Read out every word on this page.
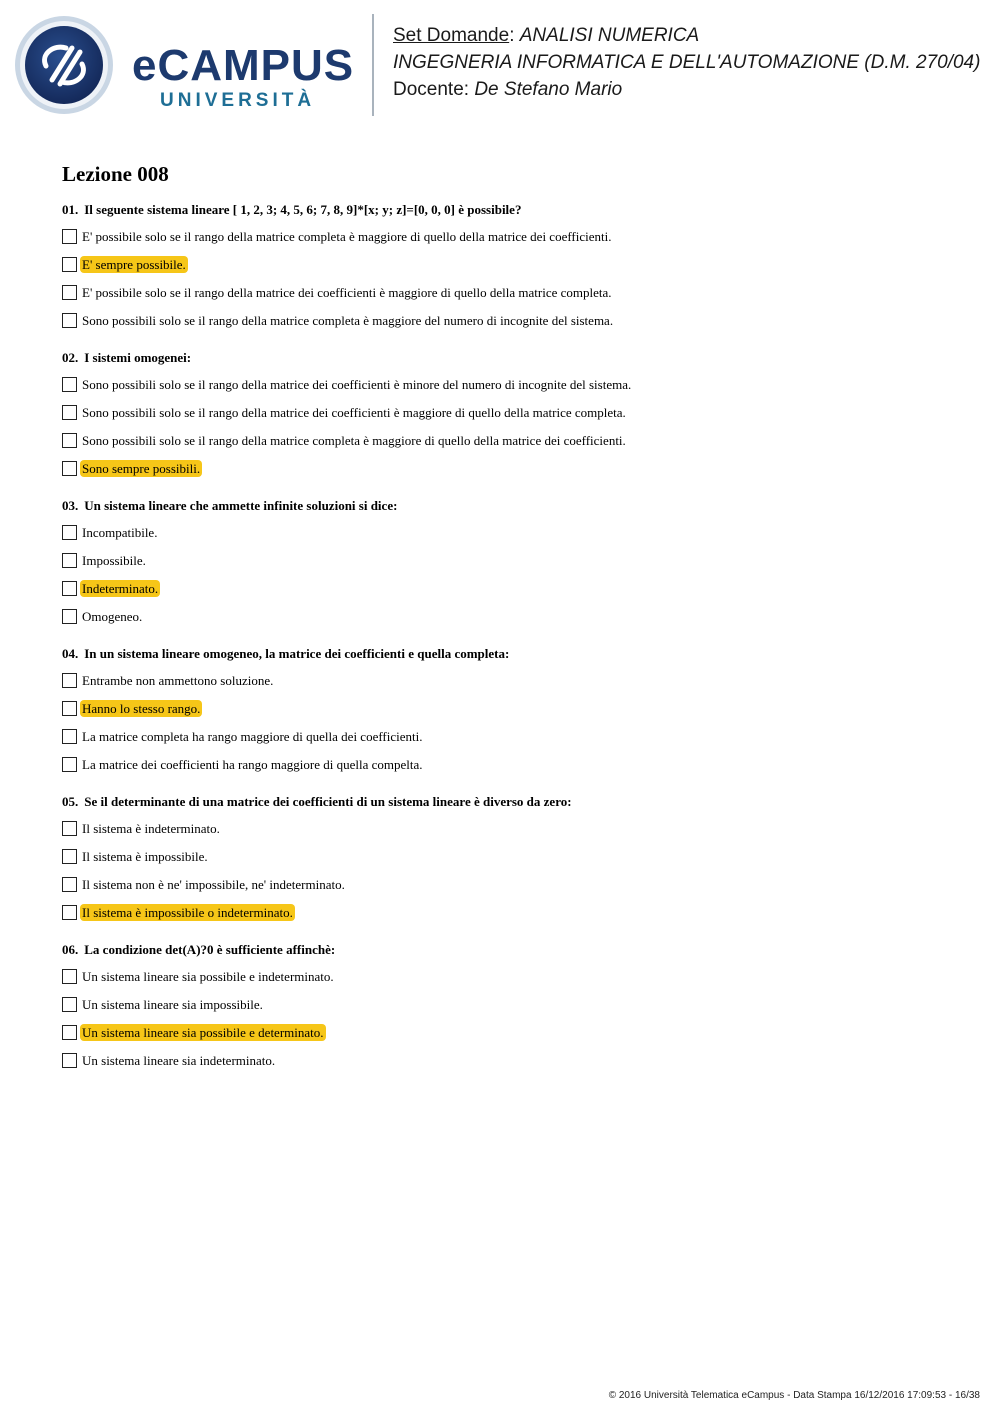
eCAMPUS
UNIVERSITÀ
Set Domande: ANALISI NUMERICA
INGEGNERIA INFORMATICA E DELL'AUTOMAZIONE (D.M. 270/04)
Docente: De Stefano Mario
Lezione 008
01. Il seguente sistema lineare [ 1, 2, 3; 4, 5, 6; 7, 8, 9]*[x; y; z]=[0, 0, 0] è possibile?
E' possibile solo se il rango della matrice completa è maggiore di quello della matrice dei coefficienti.
E' sempre possibile.
E' possibile solo se il rango della matrice dei coefficienti è maggiore di quello della matrice completa.
Sono possibili solo se il rango della matrice completa è maggiore del numero di incognite del sistema.
02. I sistemi omogenei:
Sono possibili solo se il rango della matrice dei coefficienti è minore del numero di incognite del sistema.
Sono possibili solo se il rango della matrice dei coefficienti è maggiore di quello della matrice completa.
Sono possibili solo se il rango della matrice completa è maggiore di quello della matrice dei coefficienti.
Sono sempre possibili.
03. Un sistema lineare che ammette infinite soluzioni si dice:
Incompatibile.
Impossibile.
Indeterminato.
Omogeneo.
04. In un sistema lineare omogeneo, la matrice dei coefficienti e quella completa:
Entrambe non ammettono soluzione.
Hanno lo stesso rango.
La matrice completa ha rango maggiore di quella dei coefficienti.
La matrice dei coefficienti ha rango maggiore di quella compelta.
05. Se il determinante di una matrice dei coefficienti di un sistema lineare è diverso da zero:
Il sistema è indeterminato.
Il sistema è impossibile.
Il sistema non è ne' impossibile, ne' indeterminato.
Il sistema è impossibile o indeterminato.
06. La condizione det(A)?0 è sufficiente affinchè:
Un sistema lineare sia possibile e indeterminato.
Un sistema lineare sia impossibile.
Un sistema lineare sia possibile e determinato.
Un sistema lineare sia indeterminato.
© 2016 Università Telematica eCampus - Data Stampa 16/12/2016 17:09:53 - 16/38
